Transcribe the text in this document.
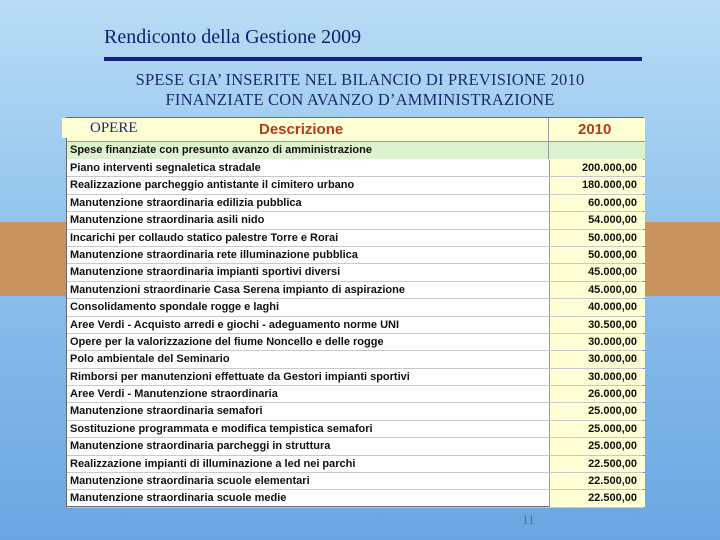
Rendiconto della Gestione 2009
SPESE GIA’ INSERITE NEL BILANCIO DI PREVISIONE 2010
FINANZIATE CON AVANZO D’AMMINISTRAZIONE
Descrizione	2010
Spese finanziate con presunto avanzo di amministrazione
Piano interventi segnaletica stradale	200.000,00
Realizzazione parcheggio antistante il cimitero urbano	180.000,00
Manutenzione straordinaria edilizia pubblica	60.000,00
Manutenzione straordinaria asili nido	54.000,00
Incarichi per collaudo statico palestre Torre e Rorai	50.000,00
Manutenzione straordinaria rete illuminazione pubblica	50.000,00
Manutenzione straordinaria impianti sportivi diversi	45.000,00
Manutenzioni straordinarie Casa Serena impianto di aspirazione	45.000,00
Consolidamento spondale rogge e laghi	40.000,00
Aree Verdi - Acquisto arredi e giochi - adeguamento norme UNI	30.500,00
Opere per la valorizzazione del fiume Noncello e delle rogge	30.000,00
Polo ambientale del Seminario	30.000,00
Rimborsi per manutenzioni effettuate da Gestori impianti sportivi	30.000,00
Aree Verdi - Manutenzione straordinaria	26.000,00
Manutenzione straordinaria semafori	25.000,00
Sostituzione programmata e modifica tempistica semafori	25.000,00
Manutenzione straordinaria parcheggi in struttura	25.000,00
Realizzazione impianti di illuminazione a led nei parchi	22.500,00
Manutenzione straordinaria scuole elementari	22.500,00
Manutenzione straordinaria scuole medie	22.500,00
OPERE
11
